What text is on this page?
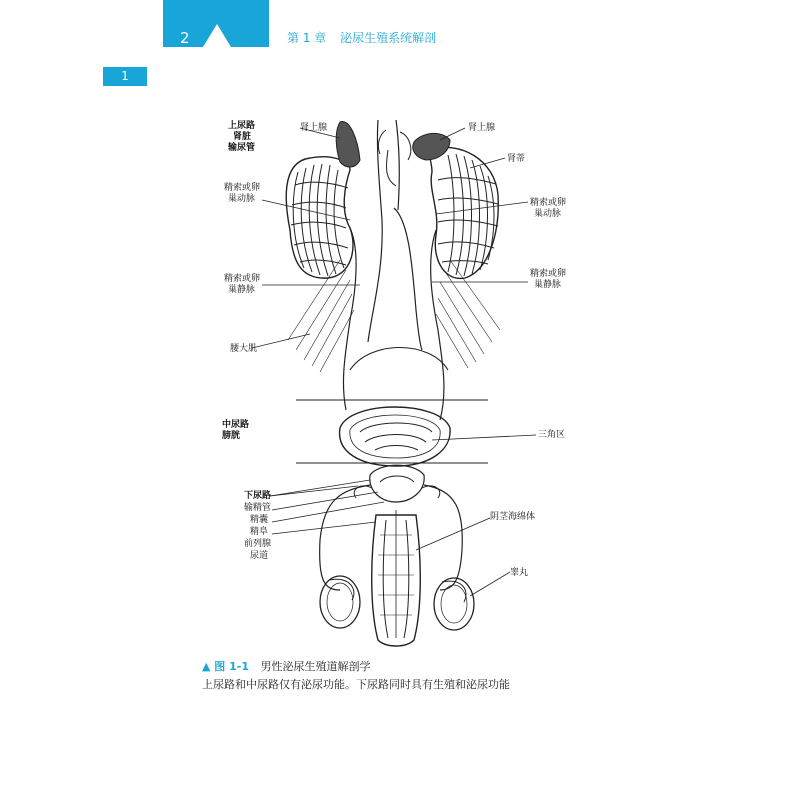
2	第 1 章 泌尿生殖系统解剖
1
上尿路
肾脏
输尿管
肾上腺	肾上腺
肾蒂
精索或卵
巢动脉	精索或卵
巢动脉
精索或卵
巢静脉
精索或卵
巢静脉
腰大肌
中尿路
膀胱	三角区
下尿路
输精管
精囊
精阜
前列腺
尿道
阴茎海绵体
睾丸
▲ 图 1-1 男性泌尿生殖道解剖学
上尿路和中尿路仅有泌尿功能。下尿路同时具有生殖和泌尿功能
